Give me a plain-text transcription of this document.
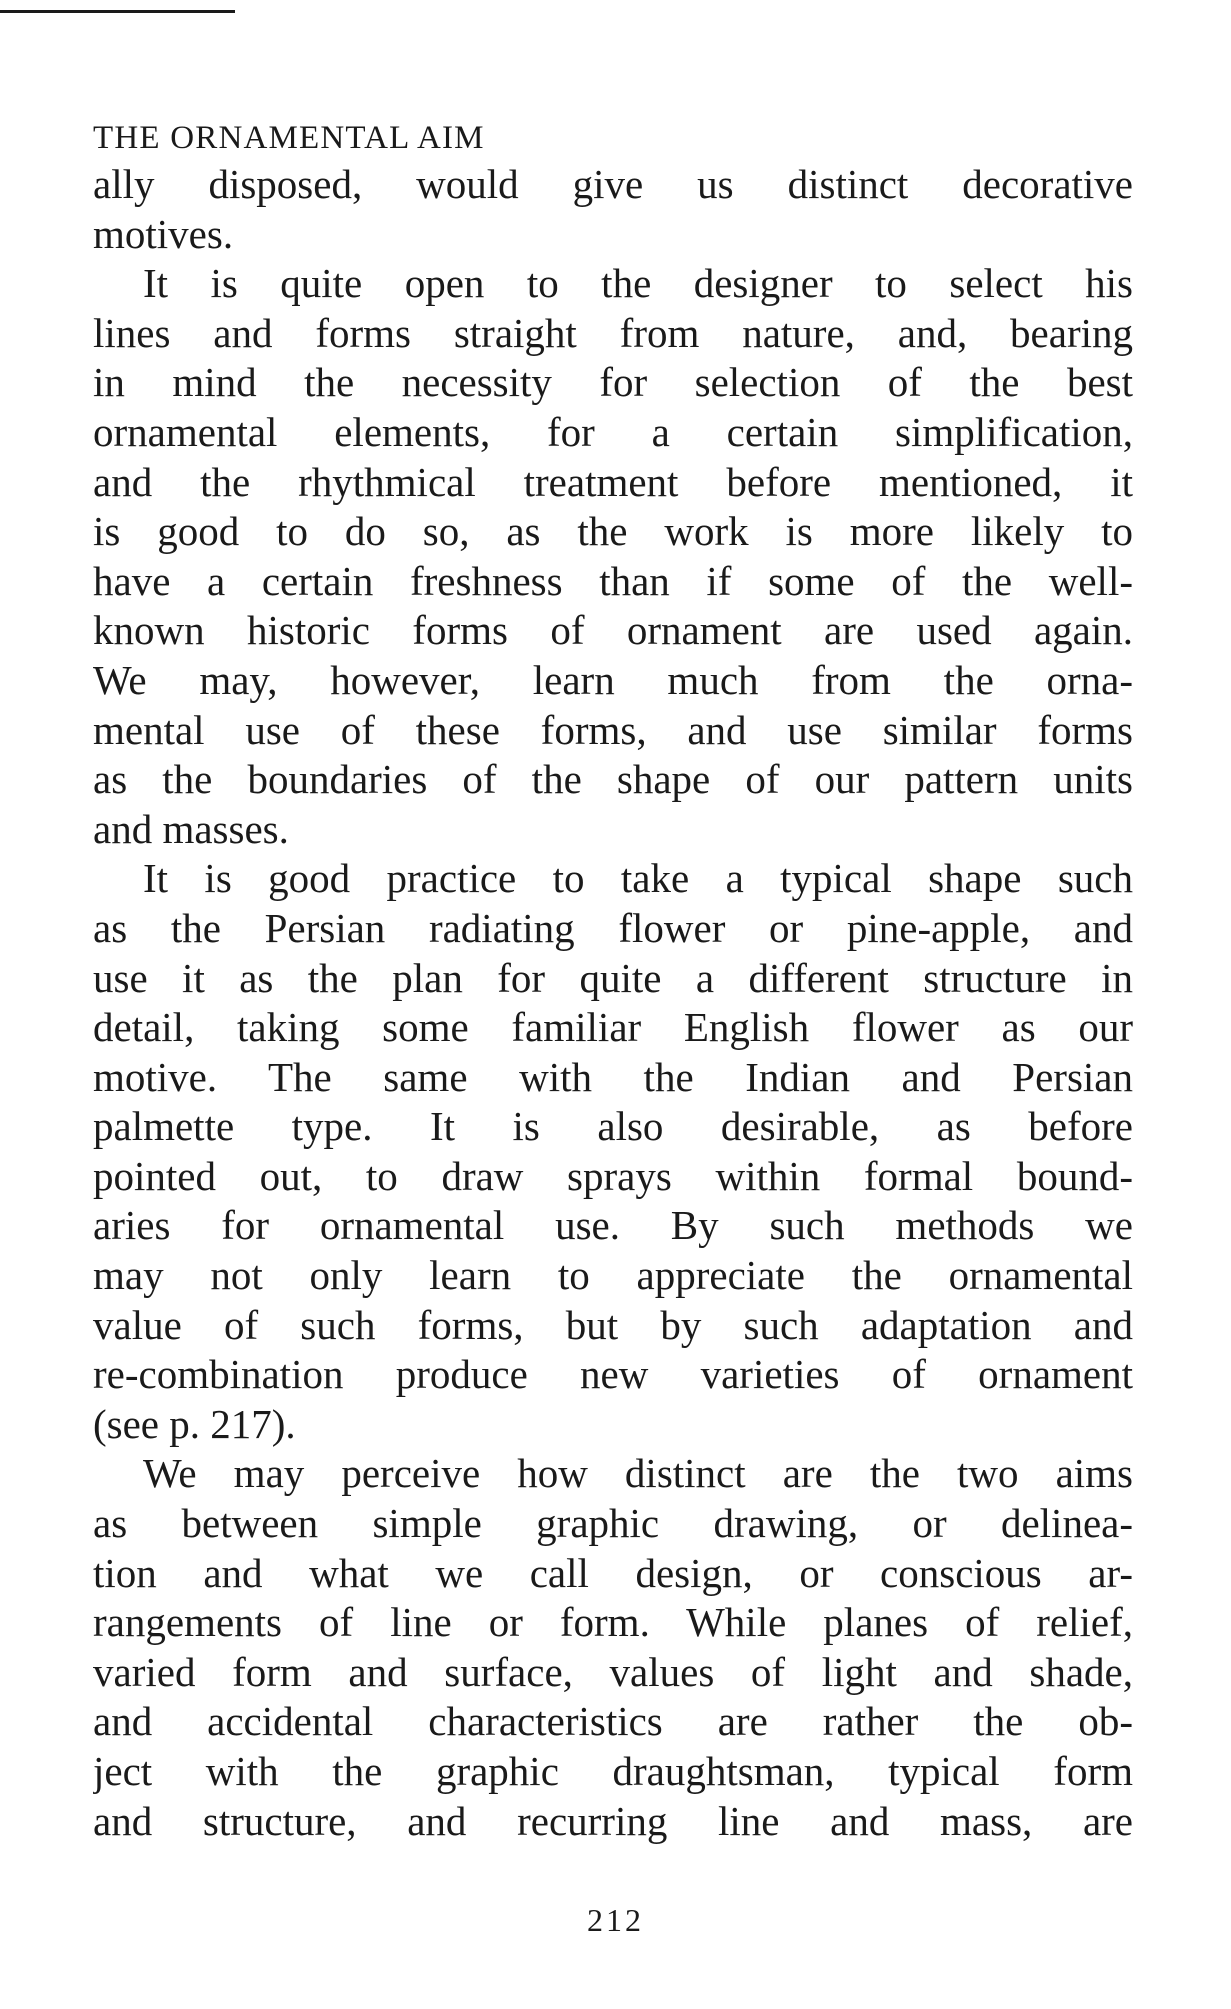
THE ORNAMENTAL AIM
ally disposed, would give us distinct decorative
motives.
It is quite open to the designer to select his
lines and forms straight from nature, and, bearing
in mind the necessity for selection of the best
ornamental elements, for a certain simplification,
and the rhythmical treatment before mentioned, it
is good to do so, as the work is more likely to
have a certain freshness than if some of the well-
known historic forms of ornament are used again.
We may, however, learn much from the orna-
mental use of these forms, and use similar forms
as the boundaries of the shape of our pattern units
and masses.
It is good practice to take a typical shape such
as the Persian radiating flower or pine-apple, and
use it as the plan for quite a different structure in
detail, taking some familiar English flower as our
motive. The same with the Indian and Persian
palmette type. It is also desirable, as before
pointed out, to draw sprays within formal bound-
aries for ornamental use. By such methods we
may not only learn to appreciate the ornamental
value of such forms, but by such adaptation and
re-combination produce new varieties of ornament
(see p. 217).
We may perceive how distinct are the two aims
as between simple graphic drawing, or delinea-
tion and what we call design, or conscious ar-
rangements of line or form. While planes of relief,
varied form and surface, values of light and shade,
and accidental characteristics are rather the ob-
ject with the graphic draughtsman, typical form
and structure, and recurring line and mass, are
212
